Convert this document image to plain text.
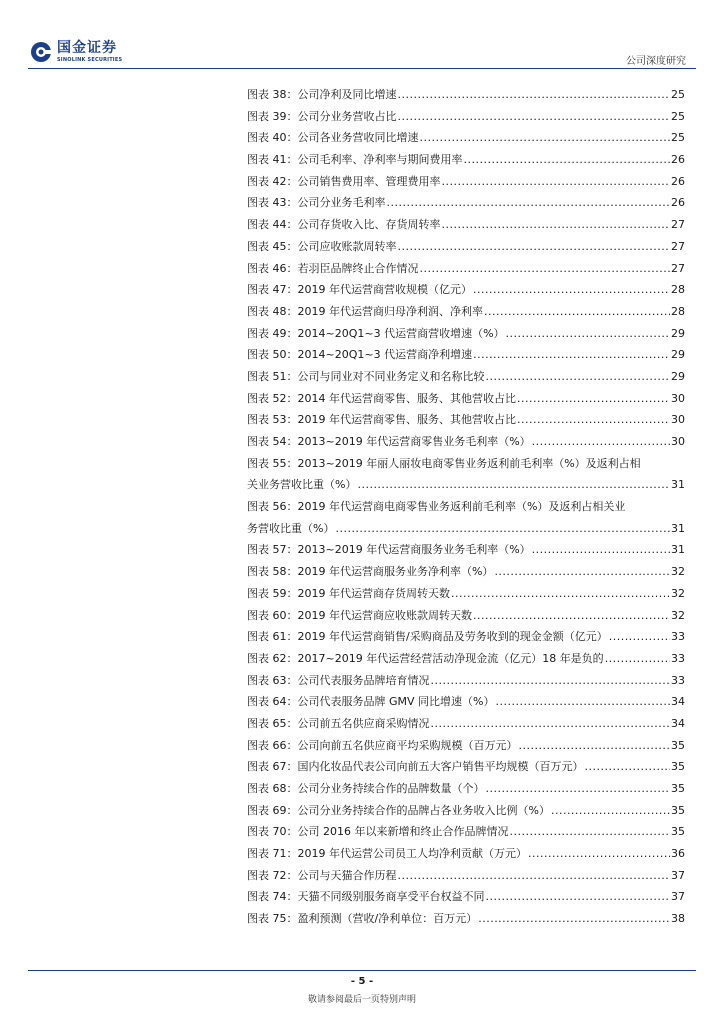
国金证券
SINOLINK SECURITIES	公司深度研究
图表 38：公司净利及同比增速 .....	25
图表 39：公司分业务营收占比 .....	25
图表 40：公司各业务营收同比增速 .....	25
图表 41：公司毛利率、净利率与期间费用率 .....	26
图表 42：公司销售费用率、管理费用率 .....	26
图表 43：公司分业务毛利率 .....	26
图表 44：公司存货收入比、存货周转率 .....	27
图表 45：公司应收账款周转率 .....	27
图表 46：若羽臣品牌终止合作情况 .....	27
图表 47：2019 年代运营商营收规模（亿元） .....	28
图表 48：2019 年代运营商归母净利润、净利率 .....	28
图表 49：2014~20Q1~3 代运营商营收增速（%） .....	29
图表 50：2014~20Q1~3 代运营商净利增速 .....	29
图表 51：公司与同业对不同业务定义和名称比较 .....	29
图表 52：2014 年代运营商零售、服务、其他营收占比 .....	30
图表 53：2019 年代运营商零售、服务、其他营收占比 .....	30
图表 54：2013~2019 年代运营商零售业务毛利率（%） .....	30
图表 55：2013~2019 年丽人丽妆电商零售业务返利前毛利率（%）及返利占相
关业务营收比重（%） .....	31
图表 56：2019 年代运营商电商零售业务返利前毛利率（%）及返利占相关业
务营收比重（%） .....	31
图表 57：2013~2019 年代运营商服务业务毛利率（%） .....	31
图表 58：2019 年代运营商服务业务净利率（%） .....	32
图表 59：2019 年代运营商存货周转天数 .....	32
图表 60：2019 年代运营商应收账款周转天数 .....	32
图表 61：2019 年代运营商销售/采购商品及劳务收到的现金金额（亿元） .....	33
图表 62：2017~2019 年代运营经营活动净现金流（亿元）18 年是负的 .....	33
图表 63：公司代表服务品牌培育情况 .....	33
图表 64：公司代表服务品牌 GMV 同比增速（%） .....	34
图表 65：公司前五名供应商采购情况 .....	34
图表 66：公司向前五名供应商平均采购规模（百万元） .....	35
图表 67：国内化妆品代表公司向前五大客户销售平均规模（百万元） .....	35
图表 68：公司分业务持续合作的品牌数量（个） .....	35
图表 69：公司分业务持续合作的品牌占各业务收入比例（%） .....	35
图表 70：公司 2016 年以来新增和终止合作品牌情况 .....	35
图表 71：2019 年代运营公司员工人均净利贡献（万元） .....	36
图表 72：公司与天猫合作历程 .....	37
图表 74：天猫不同级别服务商享受平台权益不同 .....	37
图表 75：盈利预测（营收/净利单位：百万元） .....	38
- 5 -
敬请参阅最后一页特别声明
